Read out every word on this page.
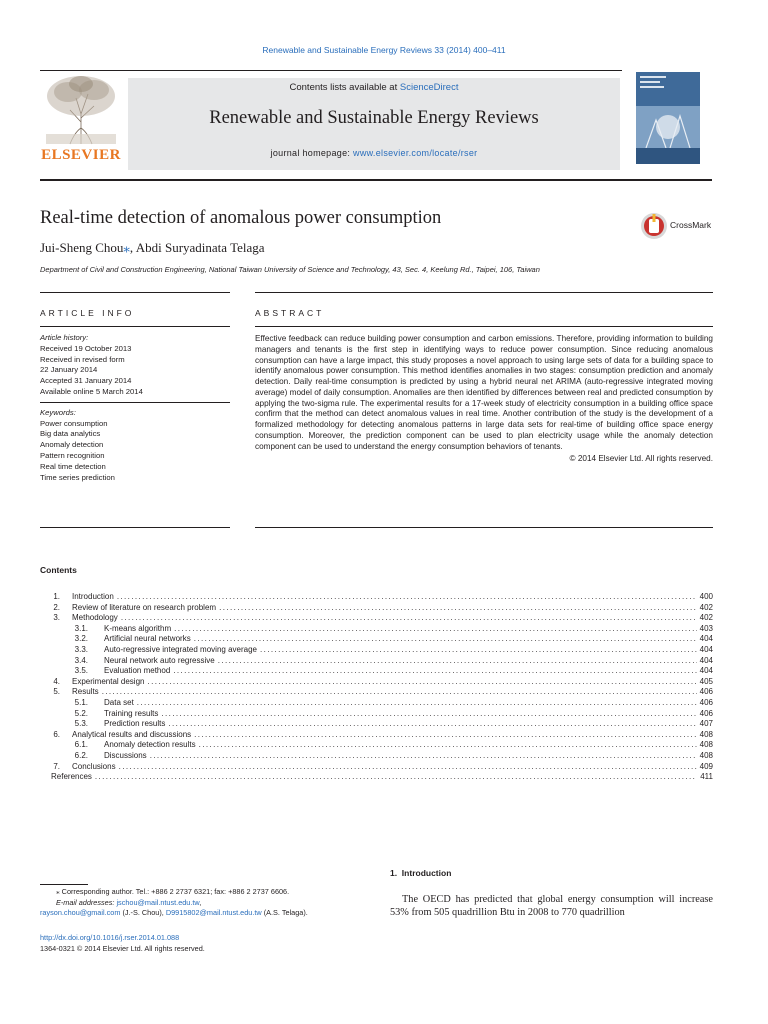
Renewable and Sustainable Energy Reviews 33 (2014) 400–411
ELSEVIER
Contents lists available at ScienceDirect
Renewable and Sustainable Energy Reviews
journal homepage: www.elsevier.com/locate/rser
Real-time detection of anomalous power consumption	CrossMark
Jui-Sheng Chou⁎, Abdi Suryadinata Telaga
Department of Civil and Construction Engineering, National Taiwan University of Science and Technology, 43, Sec. 4, Keelung Rd., Taipei, 106, Taiwan
ARTICLE INFO	ABSTRACT
Article history:
Received 19 October 2013
Received in revised form
22 January 2014
Accepted 31 January 2014
Available online 5 March 2014
Keywords:
Power consumption
Big data analytics
Anomaly detection
Pattern recognition
Real time detection
Time series prediction
Effective feedback can reduce building power consumption and carbon emissions. Therefore, providing information to building managers and tenants is the first step in identifying ways to reduce power consumption. Since reducing anomalous consumption can have a large impact, this study proposes a novel approach to using large sets of data for a building space to identify anomalous power consumption. This method identifies anomalies in two stages: consumption prediction and anomaly detection. Daily real-time consumption is predicted by using a hybrid neural net ARIMA (auto-regressive integrated moving average) model of daily consumption. Anomalies are then identified by differences between real and predicted consumption by applying the two-sigma rule. The experimental results for a 17-week study of electricity consumption in a building office space confirm that the method can detect anomalous values in real time. Another contribution of the study is the development of a formalized methodology for detecting anomalous patterns in large data sets for real-time of building office space energy consumption. Moreover, the prediction component can be used to plan electricity usage while the anomaly detection component can be used to understand the energy consumption behaviors of tenants.
© 2014 Elsevier Ltd. All rights reserved.
Contents
1.	Introduction .....	400
2.	Review of literature on research problem .....	402
3.	Methodology .....	402
3.1.	K-means algorithm .....	403
3.2.	Artificial neural networks .....	404
3.3.	Auto-regressive integrated moving average .....	404
3.4.	Neural network auto regressive .....	404
3.5.	Evaluation method .....	404
4.	Experimental design .....	405
5.	Results .....	406
5.1.	Data set .....	406
5.2.	Training results .....	406
5.3.	Prediction results .....	407
6.	Analytical results and discussions .....	408
6.1.	Anomaly detection results .....	408
6.2.	Discussions .....	408
7.	Conclusions .....	409
References .....	411
⁎ Corresponding author. Tel.: +886 2 2737 6321; fax: +886 2 2737 6606.
E-mail addresses: jschou@mail.ntust.edu.tw,
rayson.chou@gmail.com (J.-S. Chou), D9915802@mail.ntust.edu.tw (A.S. Telaga).
http://dx.doi.org/10.1016/j.rser.2014.01.088
1364-0321 © 2014 Elsevier Ltd. All rights reserved.
1.  Introduction
The OECD has predicted that global energy consumption will increase 53% from 505 quadrillion Btu in 2008 to 770 quadrillion
